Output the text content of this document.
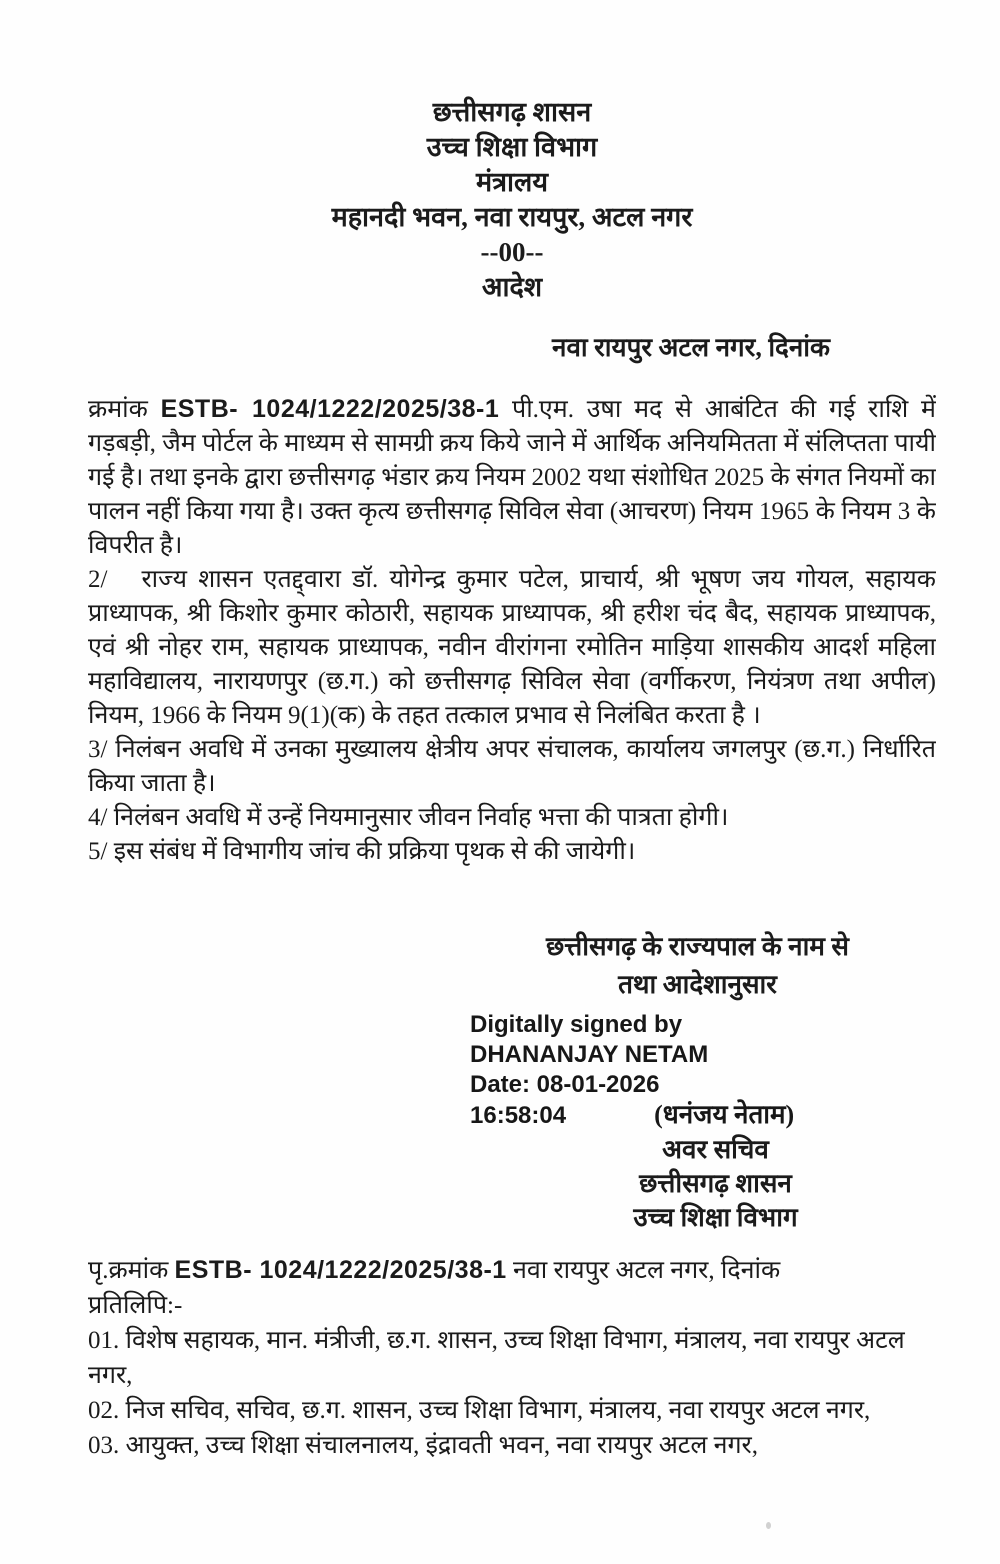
छत्तीसगढ़ शासन
उच्च शिक्षा विभाग
मंत्रालय
महानदी भवन, नवा रायपुर, अटल नगर
--00--
आदेश
नवा रायपुर अटल नगर, दिनांक

क्रमांक ESTB- 1024/1222/2025/38-1 पी.एम. उषा मद से आबंटित की गई राशि में गड़बड़ी, जैम पोर्टल के माध्यम से सामग्री क्रय किये जाने में आर्थिक अनियमितता में संलिप्तता पायी गई है। तथा इनके द्वारा छत्तीसगढ़ भंडार क्रय नियम 2002 यथा संशोधित 2025 के संगत नियमों का पालन नहीं किया गया है। उक्त कृत्य छत्तीसगढ़ सिविल सेवा (आचरण) नियम 1965 के नियम 3 के विपरीत है।

2/ राज्य शासन एतद्द्वारा डॉ. योगेन्द्र कुमार पटेल, प्राचार्य, श्री भूषण जय गोयल, सहायक प्राध्यापक, श्री किशोर कुमार कोठारी, सहायक प्राध्यापक, श्री हरीश चंद बैद, सहायक प्राध्यापक, एवं श्री नोहर राम, सहायक प्राध्यापक, नवीन वीरांगना रमोतिन माड़िया शासकीय आदर्श महिला महाविद्यालय, नारायणपुर (छ.ग.) को छत्तीसगढ़ सिविल सेवा (वर्गीकरण, नियंत्रण तथा अपील) नियम, 1966 के नियम 9(1)(क) के तहत तत्काल प्रभाव से निलंबित करता है ।

3/ निलंबन अवधि में उनका मुख्यालय क्षेत्रीय अपर संचालक, कार्यालय जगलपुर (छ.ग.) निर्धारित किया जाता है।

4/ निलंबन अवधि में उन्हें नियमानुसार जीवन निर्वाह भत्ता की पात्रता होगी।

5/ इस संबंध में विभागीय जांच की प्रक्रिया पृथक से की जायेगी।

छत्तीसगढ़ के राज्यपाल के नाम से
तथा आदेशानुसार
Digitally signed by
DHANANJAY NETAM
Date: 08-01-2026
16:58:04	(धनंजय नेताम)
अवर सचिव
छत्तीसगढ़ शासन
उच्च शिक्षा विभाग
पृ.क्रमांक ESTB- 1024/1222/2025/38-1 नवा रायपुर अटल नगर, दिनांक
प्रतिलिपि:-
01. विशेष सहायक, मान. मंत्रीजी, छ.ग. शासन, उच्च शिक्षा विभाग, मंत्रालय, नवा रायपुर अटल नगर,
02. निज सचिव, सचिव, छ.ग. शासन, उच्च शिक्षा विभाग, मंत्रालय, नवा रायपुर अटल नगर,
03. आयुक्त, उच्च शिक्षा संचालनालय, इंद्रावती भवन, नवा रायपुर अटल नगर,
